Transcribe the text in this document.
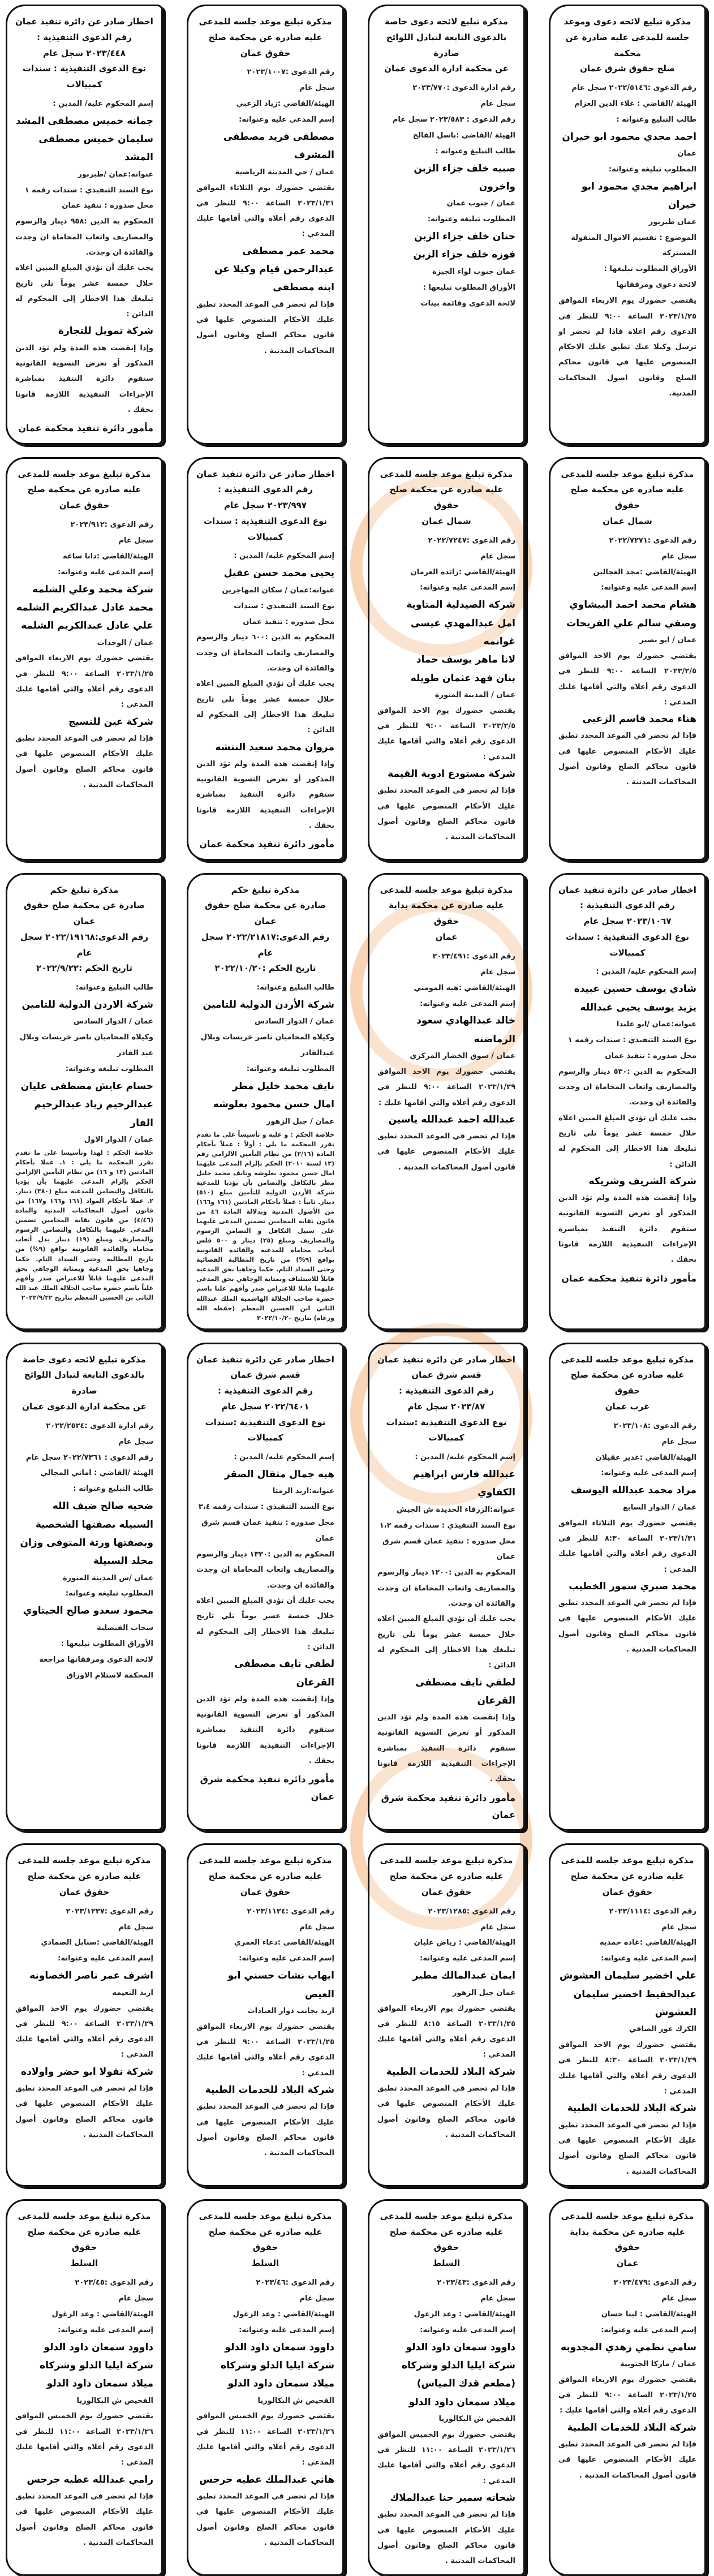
مذكرة تبليغ لائحه دعوى وموعد
جلسة للمدعى عليه صادرة عن محكمة
صلح حقوق شرق عمان
رقم الدعوى :٢٠٢٢/٥١٤٦ سجل عام
الهيئة /القاضي : علاء الدين العزام
طالب التبليغ وعنوانه :
احمد مجدي محمود ابو خيران
عمان
المطلوب تبليغه وعنوانه:
ابراهيم مجدي محمود ابو خيران
عمان طبربور
الموضوع : تقسيم الاموال المنقولة المشتركة
الأوراق المطلوب تبليغها :
لائحة دعوى ومرفقاتها
يقتضي حضورك يوم الاربعاء الموافق ٢٠٢٣/١/٢٥ الساعة ٩:٠٠ للنظر في الدعوى رقم اعلاه فاذا لم تحضر او ترسل وكيلا عنك تطبق عليك الاحكام المنصوص عليها في قانون محاكم الصلح وقانون اصول المحاكمات المدنية.
مذكرة تبليغ لائحه دعوى خاصة
بالدعوى التابعة لتبادل اللوائح صادرة
عن محكمة ادارة الدعوى عمان
رقم ادارة الدعوى :٢٠٢٣/٧٧٠
سجل عام
رقم الدعوى : ٢٠٢٣/٥٨٣ سجل عام
الهيئة /القاضي :باسل الفالح
طالب التبليغ وعنوانه :
صبيه خلف جزاء الزبن واخرون
عمان / جنوب عمان
المطلوب تبليغه وعنوانه:
حنان خلف جزاء الزبن
فوزه خلف جزاء الزبن
عمان جنوب لواء الجيزة
الأوراق المطلوب تبليغها :
لائحة الدعوى وقائمة بينات
مذكرة تبليغ موعد جلسه للمدعى
عليه صادره عن محكمة صلح حقوق عمان
رقم الدعوى :٢٠٢٣/١٠٠٧
سجل عام
الهيئة/القاضي :زياد الزعبي
إسم المدعى عليه وعنوانه:
مصطفى فريد مصطفى المشرف
عمان / حي المدينة الرياضية
يقتضي حضورك يوم الثلاثاء الموافق ٢٠٢٣/١/٣١ الساعة ٩:٠٠ للنظر في الدعوى رقم أعلاه والتي أقامها عليك المدعي :
محمد عمر مصطفى عبدالرحمن قيام وكيلا عن ابنه مصطفى
فإذا لم تحضر في الموعد المحدد تطبق عليك الأحكام المنصوص عليها في قانون محاكم الصلح وقانون أصول المحاكمات المدنية .
اخطار صادر عن دائرة تنفيذ عمان
رقم الدعوى التنفيذية :
٢٠٢٣/٤٤٨ سجل عام
نوع الدعوى التنفيذية : سندات كمبيالات
إسم المحكوم عليه/ المدين :
جمانه خميس مصطفى المشد
سليمان خميس مصطفى المشد
عنوانه:عمان /طبربور
نوع السند التنفيذي : سندات رقمه ١
محل صدوره : تنفيذ عمان
المحكوم به الدين :٩٥٨ دينار والرسوم والمصاريف واتعاب المحاماة ان وجدت والفائدة ان وجدت.
يجب عليك أن تؤدي المبلغ المبين اعلاه خلال خمسة عشر يوماً تلي تاريخ تبليغك هذا الاخطار إلى المحكوم له الدائن :
شركة تمويل للتجارة
وإذا إنقضت هذه المدة ولم تؤد الدين المذكور أو تعرض التسوية القانونية ستقوم دائرة التنفيذ بمباشرة الإجراءات التنفيذية اللازمة قانونا بحقك .
مأمور دائرة تنفيذ محكمة عمان
مذكرة تبليغ موعد جلسه للمدعى
عليه صادره عن محكمة صلح حقوق
شمال عمان
رقم الدعوى :٢٠٢٢/٧٢٧١
سجل عام
الهيئة/القاضي :مجد العجالين
إسم المدعى عليه وعنوانه:
هشام محمد احمد البيشاوي
وصفي سالم علي الفريحات
عمان / ابو نصير
يقتضي حضورك يوم الاحد الموافق ٢٠٢٣/٢/٥ الساعة ٩:٠٠ للنظر في الدعوى رقم أعلاه والتي أقامها عليك المدعي :
هناء محمد قاسم الزعبي
فإذا لم تحضر في الموعد المحدد تطبق عليك الأحكام المنصوص عليها في قانون محاكم الصلح وقانون أصول المحاكمات المدنية .
مذكرة تبليغ موعد جلسه للمدعى
عليه صادره عن محكمة صلح حقوق
شمال عمان
رقم الدعوى :٢٠٢٢/٧٢٤٧
سجل عام
الهيئة/القاضي :رائده العرمان
إسم المدعى عليه وعنوانه:
شركة الصيدلية المتاوية
امل عبدالمهدي عيسى غوانمه
لانا ماهر يوسف حماد
بنان فهد عثمان طويله
عمان / المدينة المنورة
يقتضي حضورك يوم الاحد الموافق ٢٠٢٣/٢/٥ الساعة ٩:٠٠ للنظر في الدعوى رقم أعلاه والتي أقامها عليك المدعي :
شركة مستودع ادوية القيمة
فإذا لم تحضر في الموعد المحدد تطبق عليك الأحكام المنصوص عليها في قانون محاكم الصلح وقانون أصول المحاكمات المدنية .
اخطار صادر عن دائرة تنفيذ عمان
رقم الدعوى التنفيذية :
٢٠٢٣/٩٩٧ سجل عام
نوع الدعوى التنفيذية : سندات كمبيالات
إسم المحكوم عليه/ المدين :
يحيى محمد حسن عقيل
عنوانه:عمان / سكان المهاجرين
نوع السند التنفيذي : سندات
محل صدوره : تنفيذ عمان
المحكوم به الدين :٦٠٠ دينار والرسوم والمصاريف واتعاب المحاماة ان وجدت والفائدة ان وجدت.
يجب عليك أن تؤدي المبلغ المبين اعلاه خلال خمسة عشر يوماً تلي تاريخ تبليغك هذا الاخطار إلى المحكوم له الدائن :
مروان محمد سعيد النتشه
وإذا إنقضت هذه المدة ولم تؤد الدين المذكور أو تعرض التسوية القانونية ستقوم دائرة التنفيذ بمباشرة الإجراءات التنفيذية اللازمة قانونا بحقك .
مأمور دائرة تنفيذ محكمة عمان
مذكرة تبليغ موعد جلسه للمدعى
عليه صادره عن محكمة صلح حقوق عمان
رقم الدعوى :٢٠٢٣/٩١٢
سجل عام
الهيئة/القاضي :دانا ساغه
إسم المدعى عليه وعنوانه:
شركة محمد وعلي الشلمه
محمد عادل عبدالكريم الشلمه
علي عادل عبدالكريم الشلمه
عمان / الوحدات
يقتضي حضورك يوم الاربعاء الموافق ٢٠٢٣/١/٢٥ الساعة ٩:٠٠ للنظر في الدعوى رقم أعلاه والتي أقامها عليك المدعي :
شركة عين للنسيج
فإذا لم تحضر في الموعد المحدد تطبق عليك الأحكام المنصوص عليها في قانون محاكم الصلح وقانون أصول المحاكمات المدنية .
اخطار صادر عن دائرة تنفيذ عمان
رقم الدعوى التنفيذية :
٢٠٢٣/١٠٦٧ سجل عام
نوع الدعوى التنفيذية : سندات كمبيالات
إسم المحكوم عليه/ المدين :
شادي يوسف حسين عبيده
يزيد يوسف يحيى عبدالله
عنوانه:عمان /ابو علندا
نوع السند التنفيذي : سندات رقمه ١
محل صدوره : تنفيذ عمان
المحكوم به الدين :٥٣٠ دينار والرسوم والمصاريف واتعاب المحاماة ان وجدت والفائدة ان وجدت.
يجب عليك أن تؤدي المبلغ المبين اعلاه خلال خمسة عشر يوماً تلي تاريخ تبليغك هذا الاخطار إلى المحكوم له الدائن :
شركة الشريف وشريكه
وإذا إنقضت هذه المدة ولم تؤد الدين المذكور أو تعرض التسوية القانونية ستقوم دائرة التنفيذ بمباشرة الإجراءات التنفيذية اللازمة قانونا بحقك .
مأمور دائرة تنفيذ محكمة عمان
مذكرة تبليغ موعد جلسه للمدعى
عليه صادره عن محكمة بداية حقوق
عمان
رقم الدعوى :٢٠٢٣/٤٩١
سجل عام
الهيئة/القاضي :هبه المومني
إسم المدعى عليه وعنوانه:
خالد عبدالهادي سعود الرماضنه
عمان / سوق الخضار المركزي
يقتضي حضورك يوم الاحد الموافق ٢٠٢٣/١/٢٩ الساعة ٩:٠٠ للنظر في الدعوى رقم أعلاه والتي أقامها عليك :
عبدالله احمد عبدالله ياسين
فإذا لم تحضر في الموعد المحدد تطبق عليك الأحكام المنصوص عليها في قانون أصول المحاكمات المدنية .
مذكرة تبليغ حكم
صادرة عن محكمة صلح حقوق عمان
رقم الدعوى:٢٠٢٢/٢١٨١٧ سجل عام
تاريخ الحكم :٢٠٢٢/١٠/٢٠
طالب التبليغ وعنوانه:
شركة الأردن الدولية للتامين
عمان / الدوار السادس
وكيلاه المحاميان ناصر خريسات وبلال عبدالقادر
المطلوب تبليغه وعنوانه:
نايف محمد خليل مطر
امال حسن محمود بعلوشه
عمان / جبل الزهور
خلاصة الحكم : و عليه و تأسيساً على ما تقدم تقرر المحكمة ما يلي : أولاً : عملاً بأحكام المادة (٢/١٦) من نظام التأمين الالزامي رقم (١٣ لسنة ٢٠١٠) الحكم بإلزام المدعى عليهما امال حسن محمود بعلوشه ونايف محمد خليل مطر بالتكافل والتضامن بأن يؤديا للمدعية شركة الأردن الدولية للتأمين مبلغ (٥١٠) دينار. ثانياً : عملاً بأحكام المادتين (١٦١ و١٦٦) من الأصول المدنية وبدلالة المادة ٤٦ من قانون نقابة المحامين تضمين المدعى عليهما على سبيل التكافل و التضامن الرسوم والمصاريف ومبلغ (٢٥) دينار و ٥٠٠ فلس أتعاب محاماة للمدعية والفائدة القانونية بواقع (٩%) من تاريخ المطالبة القضائية وحتى السداد التام. حكما وجاهيا بحق المدعية قابلاً للاستئناف وبمثابة الوجاهي بحق المدعى عليهما قابلا للاعتراض صدر وأفهم علنا باسم حضرة صاحب الجلالة الهاشمية الملك عبدالله الثاني ابن الحسين المعظم (حفظه الله ورعاه) بتاريخ ٢٠٢٢/١٠/٢٠
مذكرة تبليغ حكم
صادرة عن محكمة صلح حقوق عمان
رقم الدعوى:٢٠٢٢/١٩١٦٨ سجل عام
تاريخ الحكم :٢٠٢٢/٩/٢٢
طالب التبليغ وعنوانه:
شركة الاردن الدولية للتامين
عمان / الدوار السادس
وكيلاه المحاميان ناصر خريسات وبلال عبد القادر
المطلوب تبليغه وعنوانه:
حسام عايش مصطفى عليان
عبدالرحيم زياد عبدالرحيم الفار
عمان / الدوار الاول
خلاصة الحكم : لهذا وتأسيسا على ما تقدم تقرر المحكمة ما يلي : ١. عملا بأحكام المادتين (١٣ و ١٦) من نظام التأمين الإلزامي الحكم بإلزام المدعى عليهما بأن يؤديا بالتكافل والتضامن للمدعية مبلغ (٣٨٠) دينار. ٢. عملا بأحكام المواد (١٦١ و١٦٦ و١٦٧) من قانون أصول المحاكمات المدنية والمادة (٤/٤٦) من قانون نقابة المحامين تضمين المدعى عليهما بالتكافل والتضامن الرسوم والمصاريف ومبلغ (١٩) دينار بدل أتعاب محاماة والفائدة القانونية بواقع (٩%) من تاريخ المطالبة وحتى السداد التام. حكما وجاهيا بحق المدعية وبمثابة الوجاهي بحق المدعى عليهما قابلاً للاعتراض صدر وأفهم علناً باسم حضرة صاحب الجلالة الملك عبد الله الثاني بن الحسين المعظم بتاريخ ٢٠٢٢/٩/٢٢
مذكرة تبليغ موعد جلسه للمدعى
عليه صادره عن محكمة صلح حقوق
غرب عمان
رقم الدعوى :٢٠٢٣/١٠٨
سجل عام
الهيئة/القاضي :غدير عقيلان
إسم المدعى عليه وعنوانه:
مراد محمد عبدالله اليوسف
عمان / الدوار السابع
يقتضي حضورك يوم الثلاثاء الموافق ٢٠٢٣/١/٣١ الساعة ٨:٣٠ للنظر في الدعوى رقم أعلاه والتي أقامها عليك المدعي :
محمد صبري سمور الخطيب
فإذا لم تحضر في الموعد المحدد تطبق عليك الأحكام المنصوص عليها في قانون محاكم الصلح وقانون أصول المحاكمات المدنية .
اخطار صادر عن دائرة تنفيذ عمان
قسم شرق عمان
رقم الدعوى التنفيذية :
٢٠٢٣/٨٧ سجل عام
نوع الدعوى التنفيذية :سندات كمبيالات
إسم المحكوم عليه/ المدين :
عبدالله فارس ابراهيم الكفاوي
عنوانه:الزرقاء الجديدة ش الجيش
نوع السند التنفيذي : سندات رقمه ١،٢
محل صدوره : تنفيذ عمان قسم شرق عمان
المحكوم به الدين :١٢٠٠ دينار والرسوم والمصاريف واتعاب المحاماة ان وجدت والفائدة ان وجدت.
يجب عليك أن تؤدي المبلغ المبين اعلاه خلال خمسة عشر يوماً تلي تاريخ تبليغك هذا الاخطار إلى المحكوم له الدائن :
لطفي نايف مصطفى القرعان
وإذا إنقضت هذه المدة ولم تؤد الدين المذكور أو تعرض التسوية القانونية ستقوم دائرة التنفيذ بمباشرة الإجراءات التنفيذية اللازمة قانونا بحقك .
مأمور دائرة تنفيذ محكمة شرق عمان
اخطار صادر عن دائرة تنفيذ عمان
قسم شرق عمان
رقم الدعوى التنفيذية :
٢٠٢٢/٦٤٠١ سجل عام
نوع الدعوى التنفيذية :سندات كمبيالات
إسم المحكوم عليه/ المدين :
هبه جمال مثقال الصقر
عنوانه:اربد الرمثا
نوع السند التنفيذي : سندات رقمه ٣،٤
محل صدوره : تنفيذ عمان قسم شرق عمان
المحكوم به الدين :١٣٢٠ دينار والرسوم والمصاريف واتعاب المحاماة ان وجدت والفائدة ان وجدت.
يجب عليك أن تؤدي المبلغ المبين اعلاه خلال خمسة عشر يوماً تلي تاريخ تبليغك هذا الاخطار إلى المحكوم له الدائن :
لطفي نايف مصطفى القرعان
وإذا إنقضت هذه المدة ولم تؤد الدين المذكور أو تعرض التسوية القانونية ستقوم دائرة التنفيذ بمباشرة الإجراءات التنفيذية اللازمة قانونا بحقك .
مأمور دائرة تنفيذ محكمة شرق عمان
مذكرة تبليغ لائحه دعوى خاصة
بالدعوى التابعة لتبادل اللوائح صادرة
عن محكمة ادارة الدعوى عمان
رقم ادارة الدعوى :٢٠٢٢/٢٥٢٤
سجل عام
رقم الدعوى : ٢٠٢٢/٧٣٦١ سجل عام
الهيئة /القاضي : اماني المجالي
طالب التبليغ وعنوانه :
ضحيه صالح ضيف الله السبيله بصفتها الشخصية وبصفتها ورثة المتوفى وزان مخلد السبيلة
عمان /ش المدينة المنورة
المطلوب تبليغه وعنوانه:
محمود سعدو صالح الجيتاوي
سحاب الفيصلية
الأوراق المطلوب تبليغها :
لائحة الدعوى ومرفقاتها مراجعة المحكمة لاستلام الاوراق
مذكرة تبليغ موعد جلسه للمدعى
عليه صادره عن محكمة صلح حقوق عمان
رقم الدعوى :٢٠٢٣/١١١٤
سجل عام
الهيئة/القاضي :غاده حمديه
إسم المدعى عليه وعنوانه:
علي اخضير سليمان العشوش
عبدالحفيظ اخضير سليمان العشوش
الكرك غور الصافي
يقتضي حضورك يوم الاحد الموافق ٢٠٢٣/١/٢٩ الساعة ٨:٣٠ للنظر في الدعوى رقم أعلاه والتي أقامها عليك المدعي :
شركة البلاد للخدمات الطبية
فإذا لم تحضر في الموعد المحدد تطبق عليك الأحكام المنصوص عليها في قانون محاكم الصلح وقانون أصول المحاكمات المدنية .
مذكرة تبليغ موعد جلسه للمدعى
عليه صادره عن محكمة صلح حقوق عمان
رقم الدعوى :٢٠٢٣/١٢٨٥
سجل عام
الهيئة/القاضي : رياض عليان
إسم المدعى عليه وعنوانه:
ايمان عبدالمالك مطير
عمان جبل الزهور
يقتضي حضورك يوم الاربعاء الموافق ٢٠٢٣/١/٢٥ الساعة ٨:١٥ للنظر في الدعوى رقم أعلاه والتي أقامها عليك المدعي :
شركة البلاد للخدمات الطبية
فإذا لم تحضر في الموعد المحدد تطبق عليك الأحكام المنصوص عليها في قانون محاكم الصلح وقانون أصول المحاكمات المدنية .
مذكرة تبليغ موعد جلسه للمدعى
عليه صادره عن محكمة صلح حقوق عمان
رقم الدعوى :٢٠٢٣/١١٢٤
سجل عام
الهيئة/القاضي :دعاء العمري
إسم المدعى عليه وعنوانه:
ايهاب نشات حسني ابو العيص
اربد بجانب دوار العيادات
يقتضي حضورك يوم الاربعاء الموافق ٢٠٢٣/١/٢٥ الساعة ٩:٠٠ للنظر في الدعوى رقم أعلاه والتي أقامها عليك المدعي :
شركة البلاد للخدمات الطبية
فإذا لم تحضر في الموعد المحدد تطبق عليك الأحكام المنصوص عليها في قانون محاكم الصلح وقانون أصول المحاكمات المدنية .
مذكرة تبليغ موعد جلسه للمدعى
عليه صادره عن محكمة صلح حقوق عمان
رقم الدعوى :٢٠٢٣/١٢٣٧
سجل عام
الهيئة/القاضي :سنابل الصمادي
إسم المدعى عليه وعنوانه:
اشرف عمر ناصر الخصاونه
اربد النعيمه
يقتضي حضورك يوم الاحد الموافق ٢٠٢٣/١/٢٩ الساعة ٩:٠٠ للنظر في الدعوى رقم أعلاه والتي أقامها عليك المدعي :
شركة نقولا ابو خضر واولاده
فإذا لم تحضر في الموعد المحدد تطبق عليك الأحكام المنصوص عليها في قانون محاكم الصلح وقانون أصول المحاكمات المدنية .
مذكرة تبليغ موعد جلسه للمدعى
عليه صادره عن محكمة بداية حقوق
عمان
رقم الدعوى :٢٠٢٣/٤٧٩
سجل عام
الهيئة/القاضي : لينا حسان
إسم المدعى عليه وعنوانه:
سامي نظمي زهدي المجدوبه
عمان / ماركا الجنوبية
يقتضي حضورك يوم الاربعاء الموافق ٢٠٢٣/١/٢٥ الساعة ٩:٠٠ للنظر في الدعوى رقم أعلاه والتي أقامها عليك :
شركة البلاد للخدمات الطبية
فإذا لم تحضر في الموعد المحدد تطبق عليك الأحكام المنصوص عليها في قانون أصول المحاكمات المدنية .
مذكرة تبليغ موعد جلسه للمدعى
عليه صادره عن محكمة صلح حقوق
السلط
رقم الدعوى :٢٠٢٣/٤٣
سجل عام
الهيئة/القاضي : وعد الزغول
إسم المدعى عليه وعنوانه:
داوود سمعان داود الدلو
شركة ايليا الدلو وشركاه (مطعم قدك المياس)
ميلاد سمعان داود الدلو
الفحيص ش البكالوريا
يقتضي حضورك يوم الخميس الموافق ٢٠٢٣/١/٢٦ الساعة ١١:٠٠ للنظر في الدعوى رقم أعلاه والتي أقامها عليك المدعي :
شحاته سمير حنا عبدالملاك
فإذا لم تحضر في الموعد المحدد تطبق عليك الأحكام المنصوص عليها في قانون محاكم الصلح وقانون أصول المحاكمات المدنية .
مذكرة تبليغ موعد جلسه للمدعى
عليه صادره عن محكمة صلح حقوق
السلط
رقم الدعوى :٢٠٢٣/٤٦
سجل عام
الهيئة/القاضي : وعد الزغول
إسم المدعى عليه وعنوانه:
داوود سمعان داود الدلو
شركة ايليا الدلو وشركاه
ميلاد سمعان داود الدلو
الفحيص ش البكالوريا
يقتضي حضورك يوم الخميس الموافق ٢٠٢٣/١/٢٦ الساعة ١١:٠٠ للنظر في الدعوى رقم أعلاه والتي أقامها عليك المدعي :
هاني عبدالملك عطيه جرجس
فإذا لم تحضر في الموعد المحدد تطبق عليك الأحكام المنصوص عليها في قانون محاكم الصلح وقانون أصول المحاكمات المدنية .
مذكرة تبليغ موعد جلسه للمدعى
عليه صادره عن محكمة صلح حقوق
السلط
رقم الدعوى :٢٠٢٣/٤٥
سجل عام
الهيئة/القاضي : وعد الزغول
إسم المدعى عليه وعنوانه:
داوود سمعان داود الدلو
شركة ايليا الدلو وشركاه
ميلاد سمعان داود الدلو
الفحيص ش البكالوريا
يقتضي حضورك يوم الخميس الموافق ٢٠٢٣/١/٢٦ الساعة ١١:٠٠ للنظر في الدعوى رقم أعلاه والتي أقامها عليك المدعي :
رامي عبدالله عطيه جرجس
فإذا لم تحضر في الموعد المحدد تطبق عليك الأحكام المنصوص عليها في قانون محاكم الصلح وقانون أصول المحاكمات المدنية .
